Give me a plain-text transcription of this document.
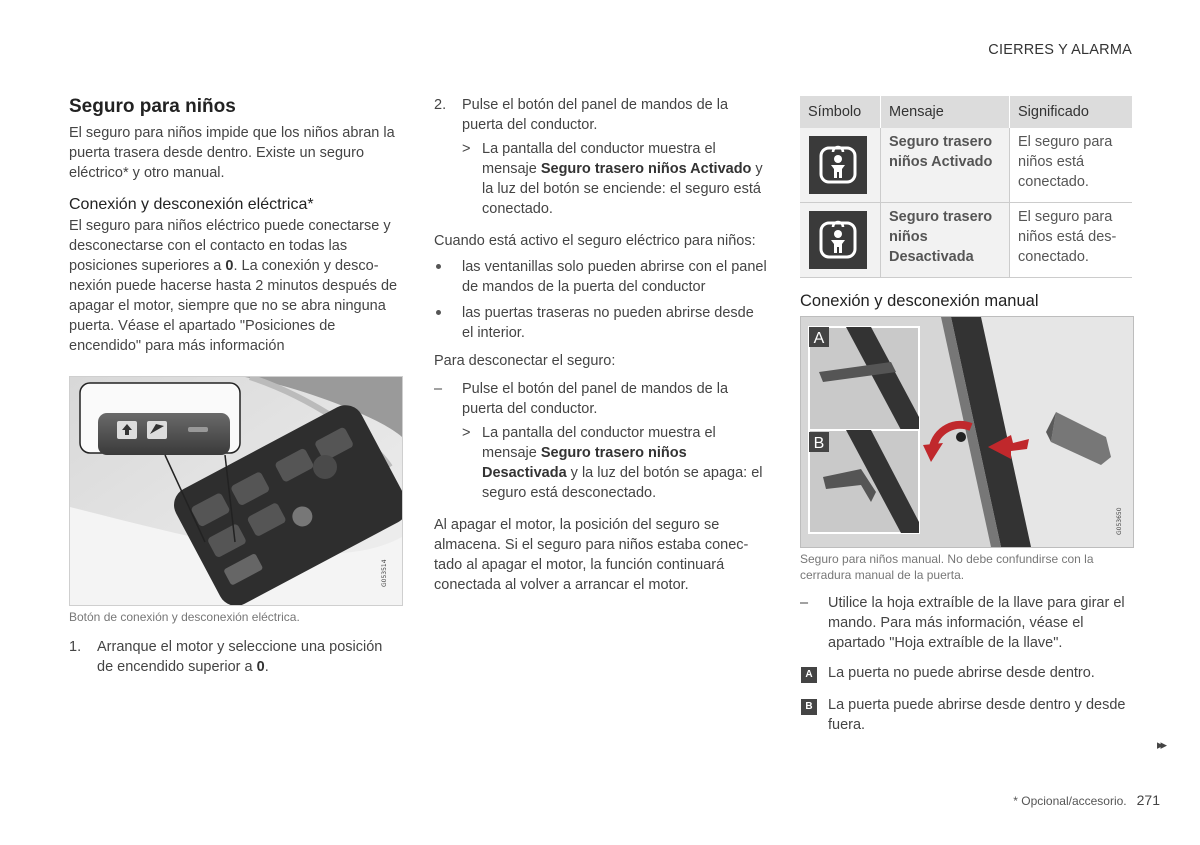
CIERRES Y ALARMA
Seguro para niños

El seguro para niños impide que los niños abran la puerta trasera desde dentro. Existe un seguro eléctrico* y otro manual.

Conexión y desconexión eléctrica*

El seguro para niños eléctrico puede conectarse y desconectarse con el contacto en todas las posiciones superiores a 0. La conexión y desconexión puede hacerse hasta 2 minutos después de apagar el motor, siempre que no se abra ninguna puerta. Véase el apartado "Posiciones de encendido" para más información

G053514
Botón de conexión y desconexión eléctrica.
1. Arranque el motor y seleccione una posición de encendido superior a 0.
2. Pulse el botón del panel de mandos de la puerta del conductor.
> La pantalla del conductor muestra el mensaje Seguro trasero niños Activado y la luz del botón se enciende: el seguro está conectado.

Cuando está activo el seguro eléctrico para niños:

las ventanillas solo pueden abrirse con el panel de mandos de la puerta del conductor
las puertas traseras no pueden abrirse desde el interior.

Para desconectar el seguro:

– Pulse el botón del panel de mandos de la puerta del conductor.
> La pantalla del conductor muestra el mensaje Seguro trasero niños Desactivada y la luz del botón se apaga: el seguro está desconectado.

Al apagar el motor, la posición del seguro se almacena. Si el seguro para niños estaba conectado al apagar el motor, la función continuará conectada al volver a arrancar el motor.

Símbolo	Mensaje	Significado

	Seguro trasero niños Activado	El seguro para niños está conectado.

	Seguro trasero niños Desactivada	El seguro para niños está desconectado.
Conexión y desconexión manual
A
B
G053650
Seguro para niños manual. No debe confundirse con la cerradura manual de la puerta.
– Utilice la hoja extraíble de la llave para girar el mando. Para más información, véase el apartado "Hoja extraíble de la llave".
A	La puerta no puede abrirse desde dentro.
B	La puerta puede abrirse desde dentro y desde fuera.
▸▸
* Opcional/accesorio. 271
